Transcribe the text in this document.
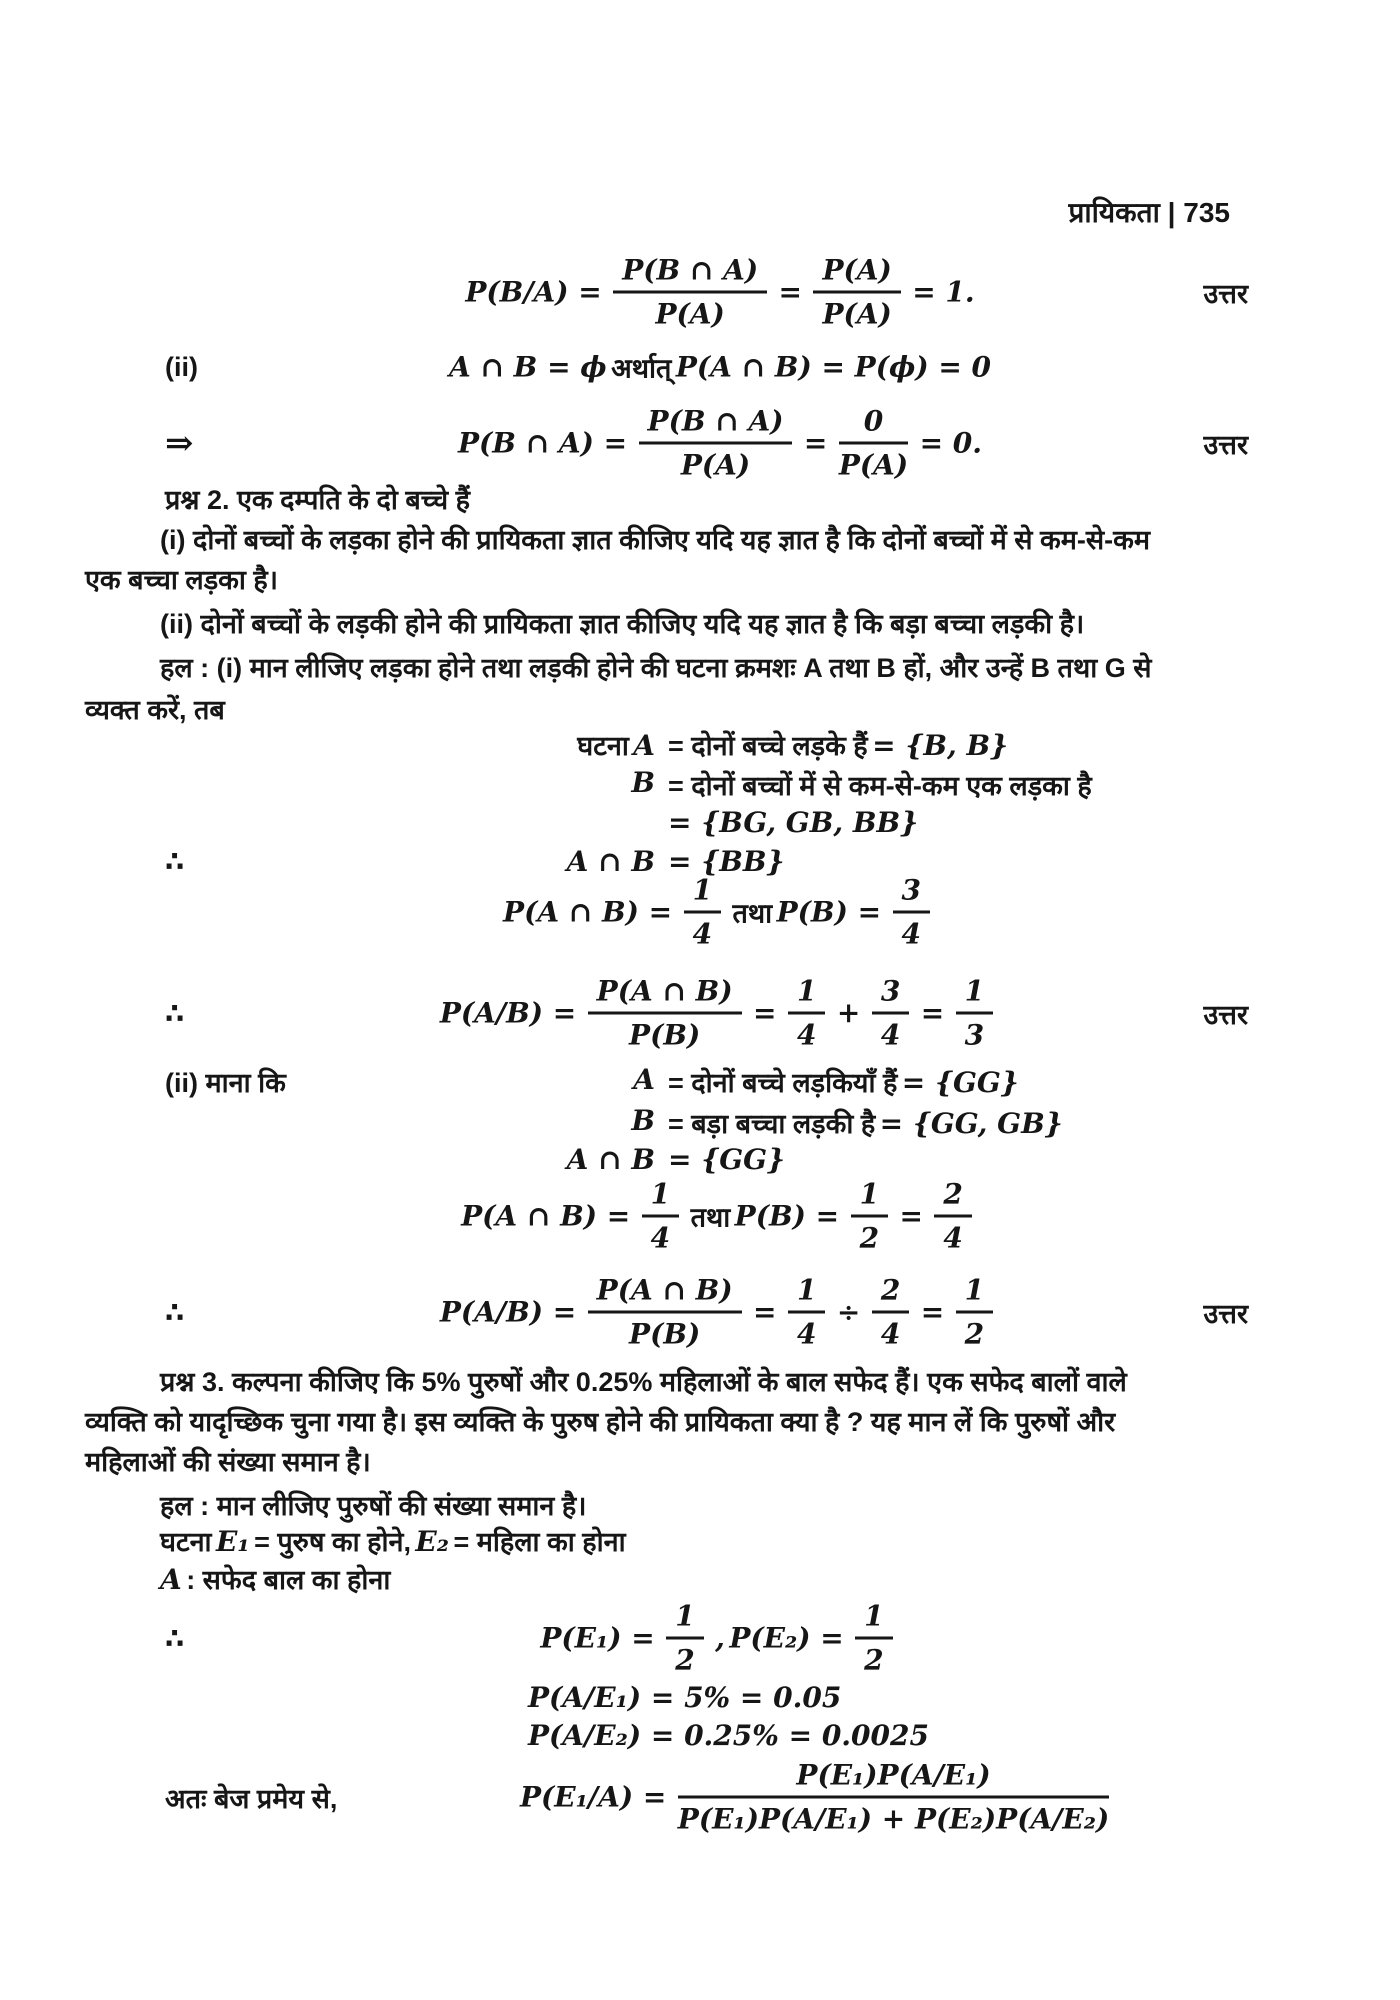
प्रायिकता | 735
$P(B/A) = \frac{P(B \cap A)}{P(A)} = \frac{P(A)}{P(A)} = 1$.	उत्तर
(ii)	A ∩ B = ϕ अर्थात् P(A ∩ B) = P(ϕ) = 0
⇒	P(B ∩ $A) = \frac{P(B \cap A)}{P(A)} = \frac{0}{P(A)} = 0$.	उत्तर
प्रश्न 2. एक दम्पति के दो बच्चे हैं
(i) दोनों बच्चों के लड़का होने की प्रायिकता ज्ञात कीजिए यदि यह ज्ञात है कि दोनों बच्चों में से कम-से-कम
एक बच्चा लड़का है।
(ii) दोनों बच्चों के लड़की होने की प्रायिकता ज्ञात कीजिए यदि यह ज्ञात है कि बड़ा बच्चा लड़की है।
हल : (i) मान लीजिए लड़का होने तथा लड़की होने की घटना क्रमशः A तथा B हों, और उन्हें B तथा G से
व्यक्त करें, तब
घटना A = दोनों बच्चे लड़के हैं = {B, B}
B = दोनों बच्चों में से कम-से-कम एक लड़का है
= {BG, GB, BB}
∴	A ∩ B = {BB}
P(A ∩ $B) = \frac{1}{4}$ तथा $P(B) = \frac{3}{4}$
∴	$P(A/B) = \frac{P(A \cap B)}{P(B)} = \frac{1}{4} + \frac{3}{4} = \frac{1}{3}$	उत्तर
(ii) माना कि	A = दोनों बच्चे लड़कियाँ हैं = {GG}
B = बड़ा बच्चा लड़की है = {GG, GB}
A ∩ B = {GG}
P(A ∩ $B) = \frac{1}{4}$ तथा $P(B) = \frac{1}{2} = \frac{2}{4}$
∴	$P(A/B) = \frac{P(A \cap B)}{P(B)} = \frac{1}{4} \div \frac{2}{4} = \frac{1}{2}$	उत्तर
प्रश्न 3. कल्पना कीजिए कि 5% पुरुषों और 0.25% महिलाओं के बाल सफेद हैं। एक सफेद बालों वाले
व्यक्ति को यादृच्छिक चुना गया है। इस व्यक्ति के पुरुष होने की प्रायिकता क्या है ? यह मान लें कि पुरुषों और
महिलाओं की संख्या समान है।
हल : मान लीजिए पुरुषों की संख्या समान है।
घटना E₁ = पुरुष का होने, E₂ = महिला का होना
A : सफेद बाल का होना
∴	$P(E_1) = \frac{1}{2}$ , $P(E_2) = \frac{1}{2}$
P(A/E₁) = 5% = 0.05
P(A/E₂) = 0.25% = 0.0025
अतः बेज प्रमेय से,	$P(E_1/A) = \frac{\text{P(E₁)P(A/E₁)}}{\text{P(E₁)P(A/E₁) + P(E₂)P(A/E₂)}}$
